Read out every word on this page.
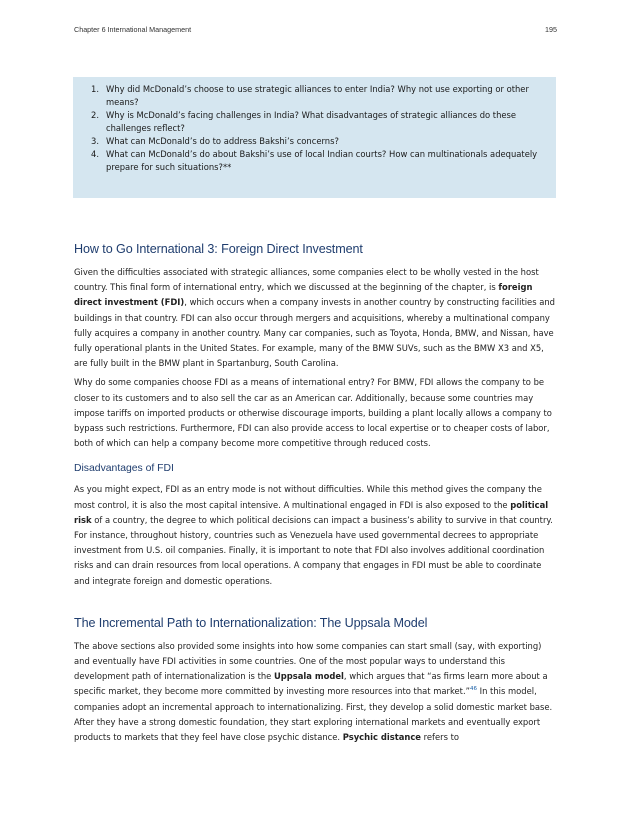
Chapter 6 International Management	195
1. Why did McDonald’s choose to use strategic alliances to enter India? Why not use exporting or other means?
2. Why is McDonald’s facing challenges in India? What disadvantages of strategic alliances do these challenges reflect?
3. What can McDonald’s do to address Bakshi’s concerns?
4. What can McDonald’s do about Bakshi’s use of local Indian courts? How can multinationals adequately prepare for such situations?**
How to Go International 3: Foreign Direct Investment

Given the difficulties associated with strategic alliances, some companies elect to be wholly vested in the host country. This final form of international entry, which we discussed at the beginning of the chapter, is foreign direct investment (FDI), which occurs when a company invests in another country by constructing facilities and buildings in that country. FDI can also occur through mergers and acquisitions, whereby a multinational company fully acquires a company in another country. Many car companies, such as Toyota, Honda, BMW, and Nissan, have fully operational plants in the United States. For example, many of the BMW SUVs, such as the BMW X3 and X5, are fully built in the BMW plant in Spartanburg, South Carolina.

Why do some companies choose FDI as a means of international entry? For BMW, FDI allows the company to be closer to its customers and to also sell the car as an American car. Additionally, because some countries may impose tariffs on imported products or otherwise discourage imports, building a plant locally allows a company to bypass such restrictions. Furthermore, FDI can also provide access to local expertise or to cheaper costs of labor, both of which can help a company become more competitive through reduced costs.

Disadvantages of FDI

As you might expect, FDI as an entry mode is not without difficulties. While this method gives the company the most control, it is also the most capital intensive. A multinational engaged in FDI is also exposed to the political risk of a country, the degree to which political decisions can impact a business’s ability to survive in that country. For instance, throughout history, countries such as Venezuela have used governmental decrees to appropriate investment from U.S. oil companies. Finally, it is important to note that FDI also involves additional coordination risks and can drain resources from local operations. A company that engages in FDI must be able to coordinate and integrate foreign and domestic operations.

The Incremental Path to Internationalization: The Uppsala Model

The above sections also provided some insights into how some companies can start small (say, with exporting) and eventually have FDI activities in some countries. One of the most popular ways to understand this development path of internationalization is the Uppsala model, which argues that “as firms learn more about a specific market, they become more committed by investing more resources into that market.”$^{46}$ In this model, companies adopt an incremental approach to internationalizing. First, they develop a solid domestic market base. After they have a strong domestic foundation, they start exploring international markets and eventually export products to markets that they feel have close psychic distance. Psychic distance refers to
